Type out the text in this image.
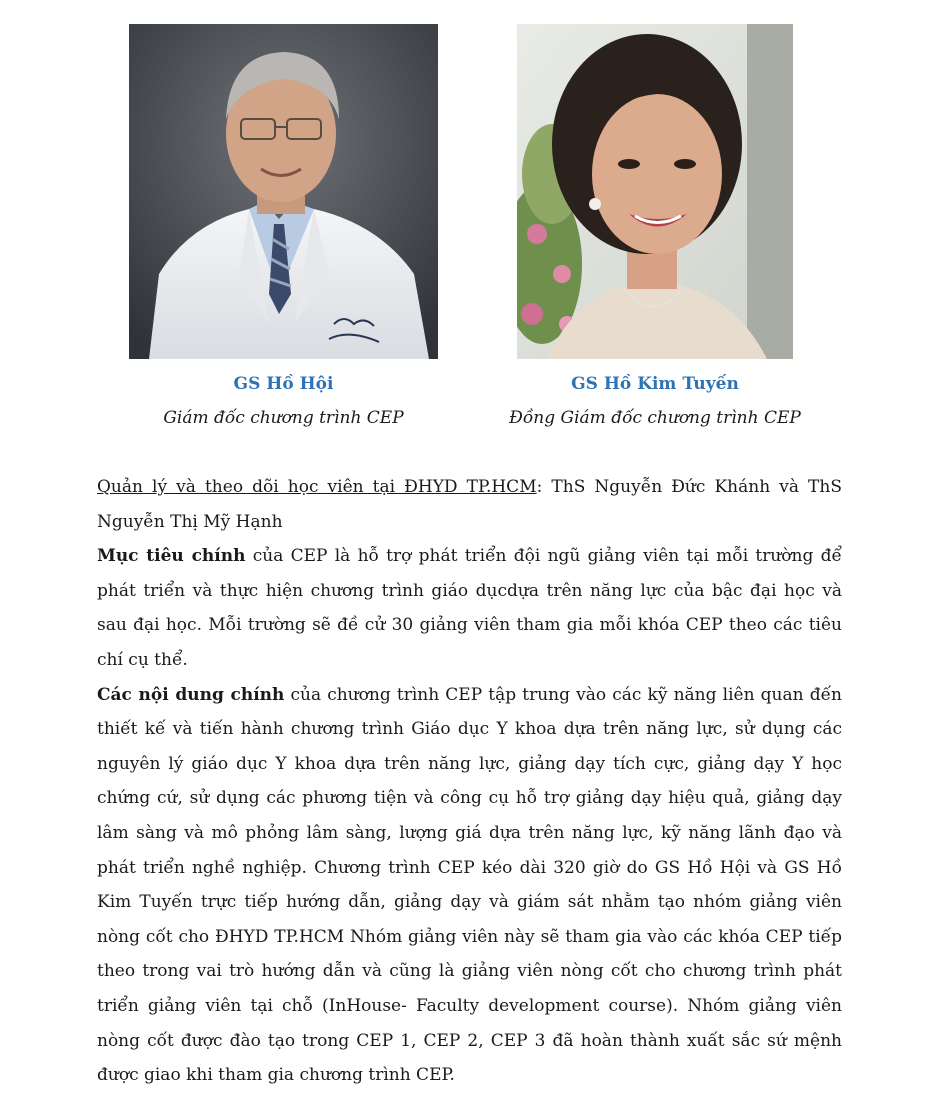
GS Hồ Hội
Giám đốc chương trình CEP
GS Hồ Kim Tuyến
Đồng Giám đốc chương trình CEP

Quản lý và theo dõi học viên tại ĐHYD TP.HCM: ThS Nguyễn Đức Khánh và ThS Nguyễn Thị Mỹ Hạnh

Mục tiêu chính của CEP là hỗ trợ phát triển đội ngũ giảng viên tại mỗi trường để phát triển và thực hiện chương trình giáo dụcdựa trên năng lực của bậc đại học và sau đại học. Mỗi trường sẽ đề cử 30 giảng viên tham gia mỗi khóa CEP theo các tiêu chí cụ thể.

Các nội dung chính của chương trình CEP tập trung vào các kỹ năng liên quan đến thiết kế và tiến hành chương trình Giáo dục Y khoa dựa trên năng lực, sử dụng các nguyên lý giáo dục Y khoa dựa trên năng lực, giảng dạy tích cực, giảng dạy Y học chứng cứ, sử dụng các phương tiện và công cụ hỗ trợ giảng dạy hiệu quả, giảng dạy lâm sàng và mô phỏng lâm sàng, lượng giá dựa trên năng lực, kỹ năng lãnh đạo và phát triển nghề nghiệp. Chương trình CEP kéo dài 320 giờ do GS Hồ Hội và GS Hồ Kim Tuyến trực tiếp hướng dẫn, giảng dạy và giám sát nhằm tạo nhóm giảng viên nòng cốt cho ĐHYD TP.HCM Nhóm giảng viên này sẽ tham gia vào các khóa CEP tiếp theo trong vai trò hướng dẫn và cũng là giảng viên nòng cốt cho chương trình phát triển giảng viên tại chỗ (InHouse- Faculty development course). Nhóm giảng viên nòng cốt được đào tạo trong CEP 1, CEP 2, CEP 3 đã hoàn thành xuất sắc sứ mệnh được giao khi tham gia chương trình CEP.
